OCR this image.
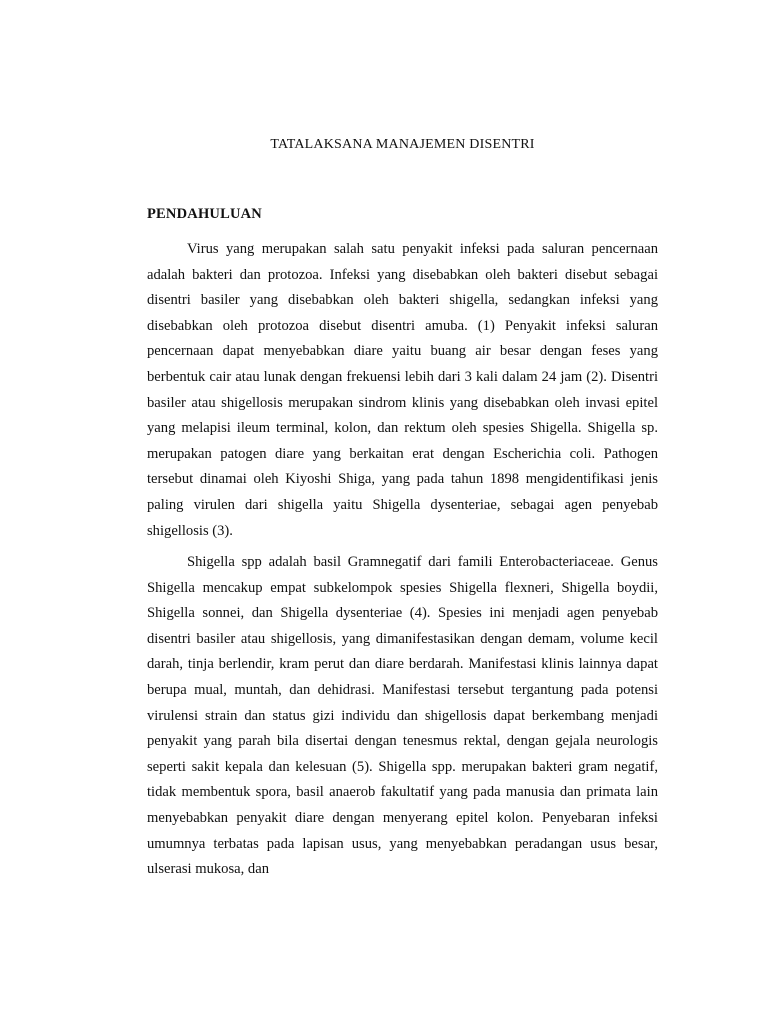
TATALAKSANA MANAJEMEN DISENTRI
PENDAHULUAN

Virus yang merupakan salah satu penyakit infeksi pada saluran pencernaan adalah bakteri dan protozoa. Infeksi yang disebabkan oleh bakteri disebut sebagai disentri basiler yang disebabkan oleh bakteri shigella, sedangkan infeksi yang disebabkan oleh protozoa disebut disentri amuba. (1) Penyakit infeksi saluran pencernaan dapat menyebabkan diare yaitu buang air besar dengan feses yang berbentuk cair atau lunak dengan frekuensi lebih dari 3 kali dalam 24 jam (2). Disentri basiler atau shigellosis merupakan sindrom klinis yang disebabkan oleh invasi epitel yang melapisi ileum terminal, kolon, dan rektum oleh spesies Shigella. Shigella sp. merupakan patogen diare yang berkaitan erat dengan Escherichia coli. Pathogen tersebut dinamai oleh Kiyoshi Shiga, yang pada tahun 1898 mengidentifikasi jenis paling virulen dari shigella yaitu Shigella dysenteriae, sebagai agen penyebab shigellosis (3).

Shigella spp adalah basil Gramnegatif dari famili Enterobacteriaceae. Genus Shigella mencakup empat subkelompok spesies Shigella flexneri, Shigella boydii, Shigella sonnei, dan Shigella dysenteriae (4). Spesies ini menjadi agen penyebab disentri basiler atau shigellosis, yang dimanifestasikan dengan demam, volume kecil darah, tinja berlendir, kram perut dan diare berdarah. Manifestasi klinis lainnya dapat berupa mual, muntah, dan dehidrasi. Manifestasi tersebut tergantung pada potensi virulensi strain dan status gizi individu dan shigellosis dapat berkembang menjadi penyakit yang parah bila disertai dengan tenesmus rektal, dengan gejala neurologis seperti sakit kepala dan kelesuan (5). Shigella spp. merupakan bakteri gram negatif, tidak membentuk spora, basil anaerob fakultatif yang pada manusia dan primata lain menyebabkan penyakit diare dengan menyerang epitel kolon. Penyebaran infeksi umumnya terbatas pada lapisan usus, yang menyebabkan peradangan usus besar, ulserasi mukosa, dan
